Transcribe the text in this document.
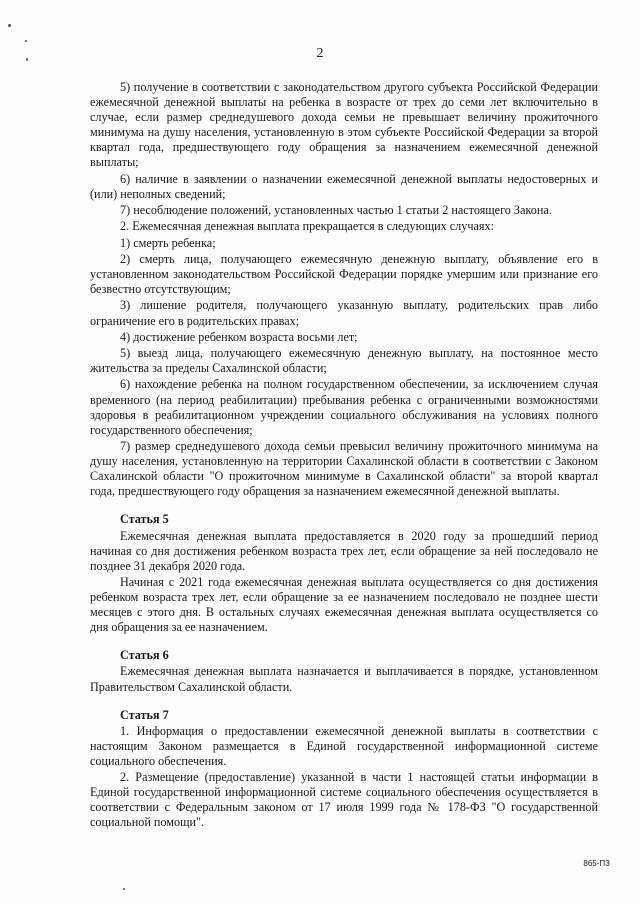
2

5) получение в соответствии с законодательством другого субъекта Российской Федерации ежемесячной денежной выплаты на ребенка в возрасте от трех до семи лет включительно в случае, если размер среднедушевого дохода семьи не превышает величину прожиточного минимума на душу населения, установленную в этом субъекте Российской Федерации за второй квартал года, предшествующего году обращения за назначением ежемесячной денежной выплаты;

6) наличие в заявлении о назначении ежемесячной денежной выплаты недостоверных и (или) неполных сведений;

7) несоблюдение положений, установленных частью 1 статьи 2 настоящего Закона.

2. Ежемесячная денежная выплата прекращается в следующих случаях:

1) смерть ребенка;

2) смерть лица, получающего ежемесячную денежную выплату, объявление его в установленном законодательством Российской Федерации порядке умершим или признание его безвестно отсутствующим;

3) лишение родителя, получающего указанную выплату, родительских прав либо ограничение его в родительских правах;

4) достижение ребенком возраста восьми лет;

5) выезд лица, получающего ежемесячную денежную выплату, на постоянное место жительства за пределы Сахалинской области;

6) нахождение ребенка на полном государственном обеспечении, за исключением случая временного (на период реабилитации) пребывания ребенка с ограниченными возможностями здоровья в реабилитационном учреждении социального обслуживания на условиях полного государственного обеспечения;

7) размер среднедушевого дохода семьи превысил величину прожиточного минимума на душу населения, установленную на территории Сахалинской области в соответствии с Законом Сахалинской области "О прожиточном минимуме в Сахалинской области" за второй квартал года, предшествующего году обращения за назначением ежемесячной денежной выплаты.

Статья 5

Ежемесячная денежная выплата предоставляется в 2020 году за прошедший период начиная со дня достижения ребенком возраста трех лет, если обращение за ней последовало не позднее 31 декабря 2020 года.

Начиная с 2021 года ежемесячная денежная выплата осуществляется со дня достижения ребенком возраста трех лет, если обращение за ее назначением последовало не позднее шести месяцев с этого дня. В остальных случаях ежемесячная денежная выплата осуществляется со дня обращения за ее назначением.

Статья 6

Ежемесячная денежная выплата назначается и выплачивается в порядке, установленном Правительством Сахалинской области.

Статья 7

1. Информация о предоставлении ежемесячной денежной выплаты в соответствии с настоящим Законом размещается в Единой государственной информационной системе социального обеспечения.

2. Размещение (предоставление) указанной в части 1 настоящей статьи информации в Единой государственной информационной системе социального обеспечения осуществляется в соответствии с Федеральным законом от 17 июля 1999 года № 178-ФЗ "О государственной социальной помощи".

865-ПЗ
